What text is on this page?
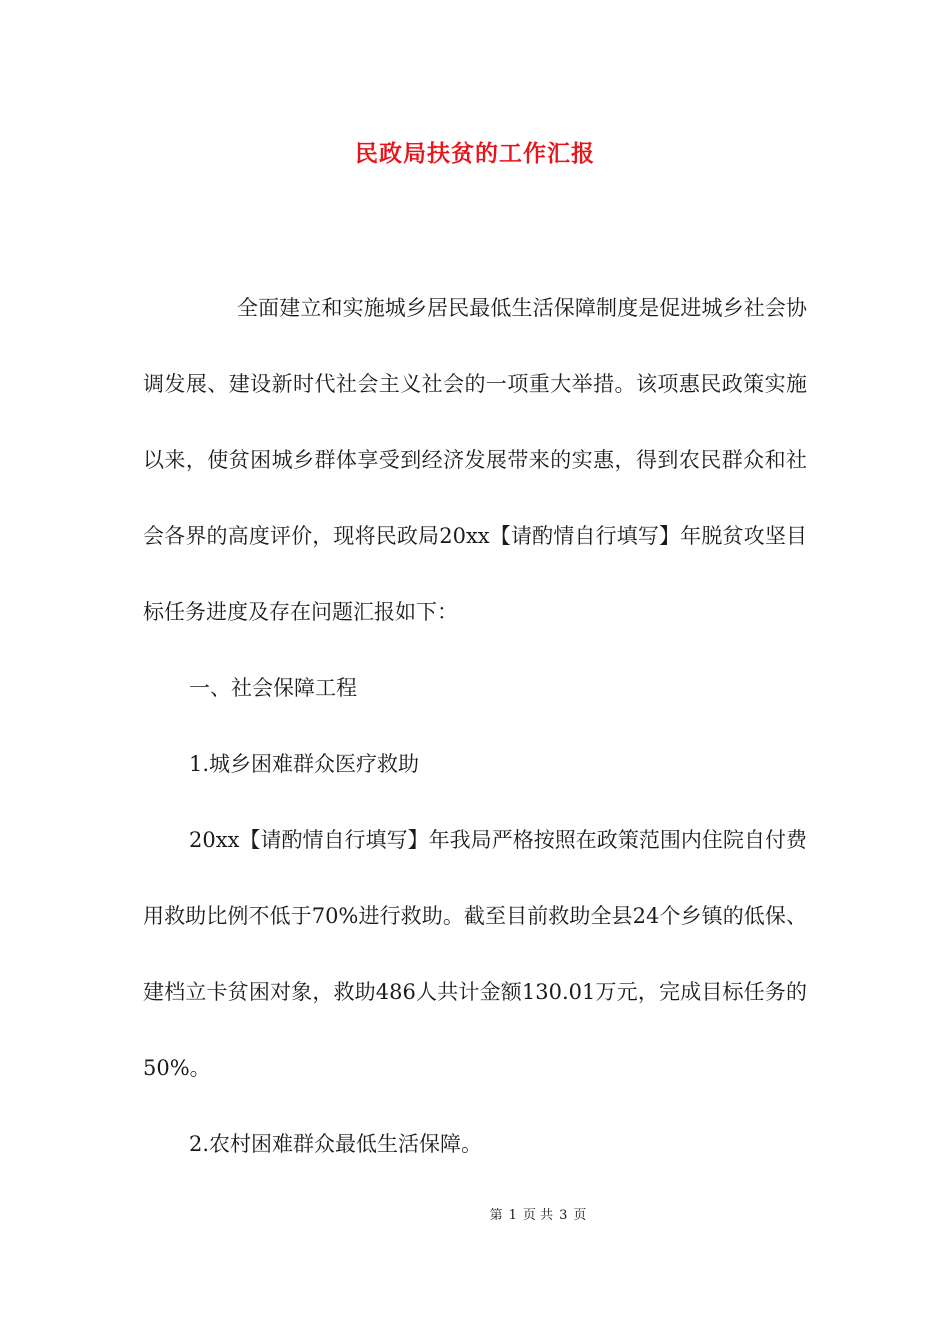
民政局扶贫的工作汇报

全面建立和实施城乡居民最低生活保障制度是促进城乡社会协调发展、建设新时代社会主义社会的一项重大举措。该项惠民政策实施以来，使贫困城乡群体享受到经济发展带来的实惠，得到农民群众和社会各界的高度评价，现将民政局20xx【请酌情自行填写】年脱贫攻坚目标任务进度及存在问题汇报如下：

一、社会保障工程

1.城乡困难群众医疗救助

20xx【请酌情自行填写】年我局严格按照在政策范围内住院自付费用救助比例不低于70%进行救助。截至目前救助全县24个乡镇的低保、建档立卡贫困对象，救助486人共计金额130.01万元，完成目标任务的50%。

2.农村困难群众最低生活保障。

第 1 页 共 3 页
